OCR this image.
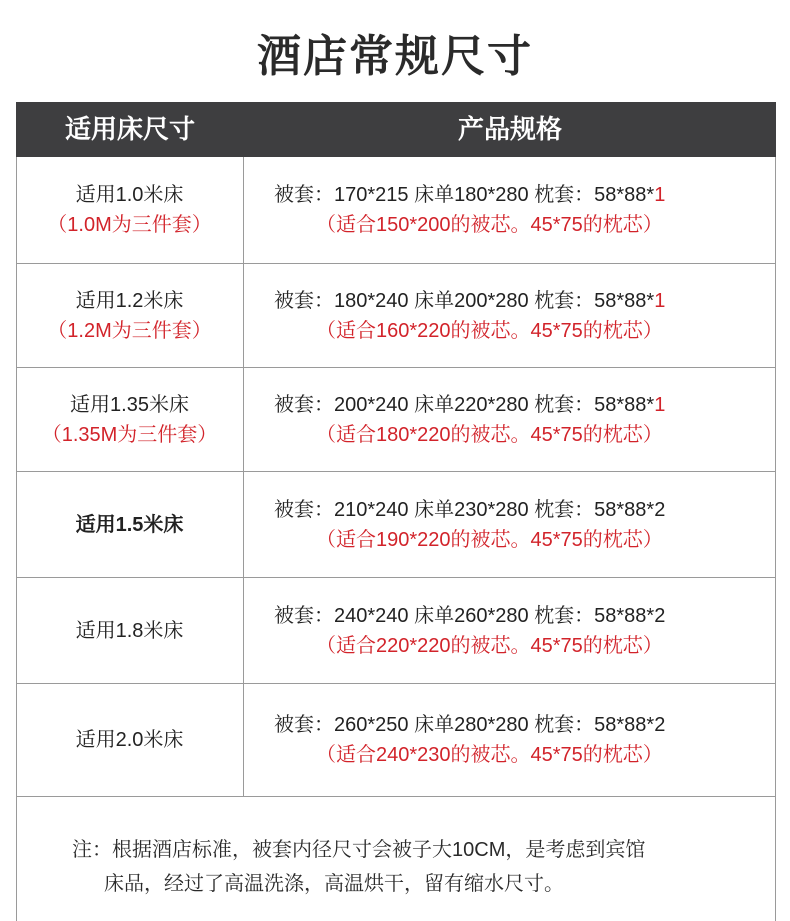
酒店常规尺寸
适用床尺寸	产品规格
适用1.0米床
（1.0M为三件套）
被套：170*215 床单180*280 枕套：58*88*1
（适合150*200的被芯。45*75的枕芯）
适用1.2米床
（1.2M为三件套）
被套：180*240 床单200*280 枕套：58*88*1
（适合160*220的被芯。45*75的枕芯）
适用1.35米床
（1.35M为三件套）
被套：200*240 床单220*280 枕套：58*88*1
（适合180*220的被芯。45*75的枕芯）
适用1.5米床
被套：210*240 床单230*280 枕套：58*88*2
（适合190*220的被芯。45*75的枕芯）
适用1.8米床
被套：240*240 床单260*280 枕套：58*88*2
（适合220*220的被芯。45*75的枕芯）
适用2.0米床
被套：260*250 床单280*280 枕套：58*88*2
（适合240*230的被芯。45*75的枕芯）
注：根据酒店标准，被套内径尺寸会被子大10CM，是考虑到宾馆
床品，经过了高温洗涤，高温烘干，留有缩水尺寸。
